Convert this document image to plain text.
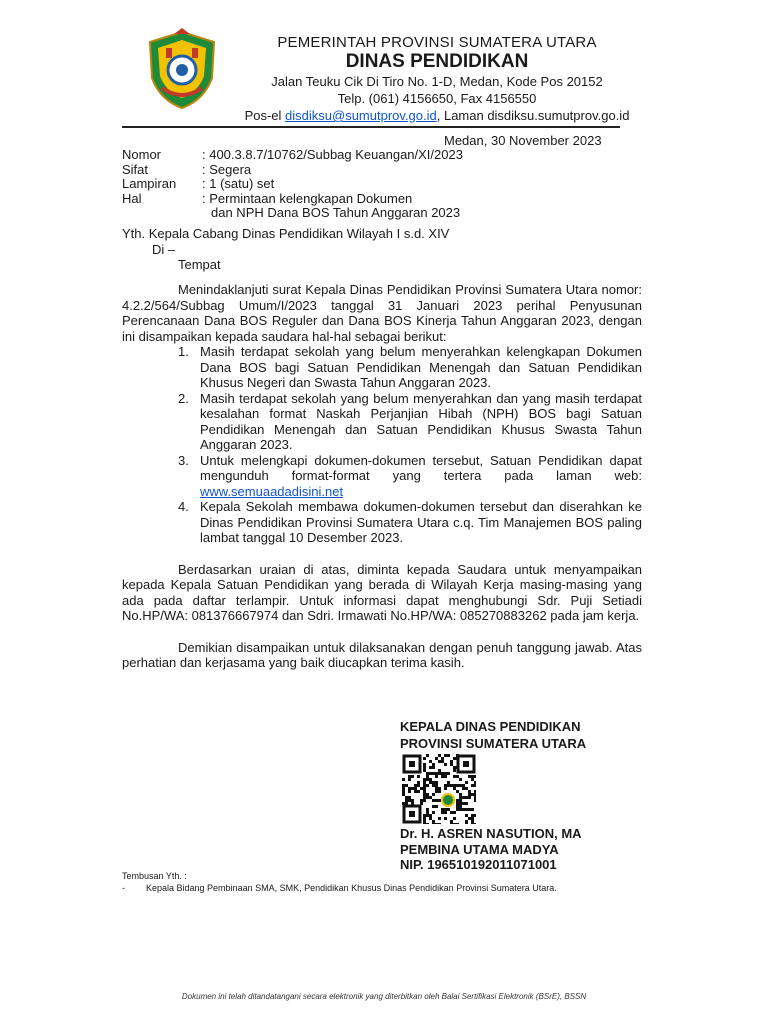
PEMERINTAH PROVINSI SUMATERA UTARA
DINAS PENDIDIKAN
Jalan Teuku Cik Di Tiro No. 1-D, Medan, Kode Pos 20152
Telp. (061) 4156650, Fax 4156550
Pos-el disdiksu@sumutprov.go.id, Laman disdiksu.sumutprov.go.id
Medan, 30 November 2023
Nomor	: 400.3.8.7/10762/Subbag Keuangan/XI/2023
Sifat	: Segera
Lampiran	: 1 (satu) set
Hal	: Permintaan kelengkapan Dokumen
	dan NPH Dana BOS Tahun Anggaran 2023
Yth. Kepala Cabang Dinas Pendidikan Wilayah I s.d. XIV
Di –
Tempat

Menindaklanjuti surat Kepala Dinas Pendidikan Provinsi Sumatera Utara nomor: 4.2.2/564/Subbag Umum/I/2023 tanggal 31 Januari 2023 perihal Penyusunan Perencanaan Dana BOS Reguler dan Dana BOS Kinerja Tahun Anggaran 2023, dengan ini disampaikan kepada saudara hal-hal sebagai berikut:

1. Masih terdapat sekolah yang belum menyerahkan kelengkapan Dokumen Dana BOS bagi Satuan Pendidikan Menengah dan Satuan Pendidikan Khusus Negeri dan Swasta Tahun Anggaran 2023.
2. Masih terdapat sekolah yang belum menyerahkan dan yang masih terdapat kesalahan format Naskah Perjanjian Hibah (NPH) BOS bagi Satuan Pendidikan Menengah dan Satuan Pendidikan Khusus Swasta Tahun Anggaran 2023.
3. Untuk melengkapi dokumen-dokumen tersebut, Satuan Pendidikan dapat mengunduh format-format yang tertera pada laman web:
www.semuaadadisini.net
4. Kepala Sekolah membawa dokumen-dokumen tersebut dan diserahkan ke Dinas Pendidikan Provinsi Sumatera Utara c.q. Tim Manajemen BOS paling lambat tanggal 10 Desember 2023.

Berdasarkan uraian di atas, diminta kepada Saudara untuk menyampaikan kepada Kepala Satuan Pendidikan yang berada di Wilayah Kerja masing-masing yang ada pada daftar terlampir. Untuk informasi dapat menghubungi Sdr. Puji Setiadi No.HP/WA: 081376667974 dan Sdri. Irmawati No.HP/WA: 085270883262 pada jam kerja.

Demikian disampaikan untuk dilaksanakan dengan penuh tanggung jawab. Atas perhatian dan kerjasama yang baik diucapkan terima kasih.

KEPALA DINAS PENDIDIKAN
PROVINSI SUMATERA UTARA
Dr. H. ASREN NASUTION, MA
PEMBINA UTAMA MADYA
NIP. 196510192011071001
Tembusan Yth. :
-	Kepala Bidang Pembinaan SMA, SMK, Pendidikan Khusus Dinas Pendidikan Provinsi Sumatera Utara.
Dokumen ini telah ditandatangani secara elektronik yang diterbitkan oleh Balai Sertifikasi Elektronik (BSrE), BSSN
